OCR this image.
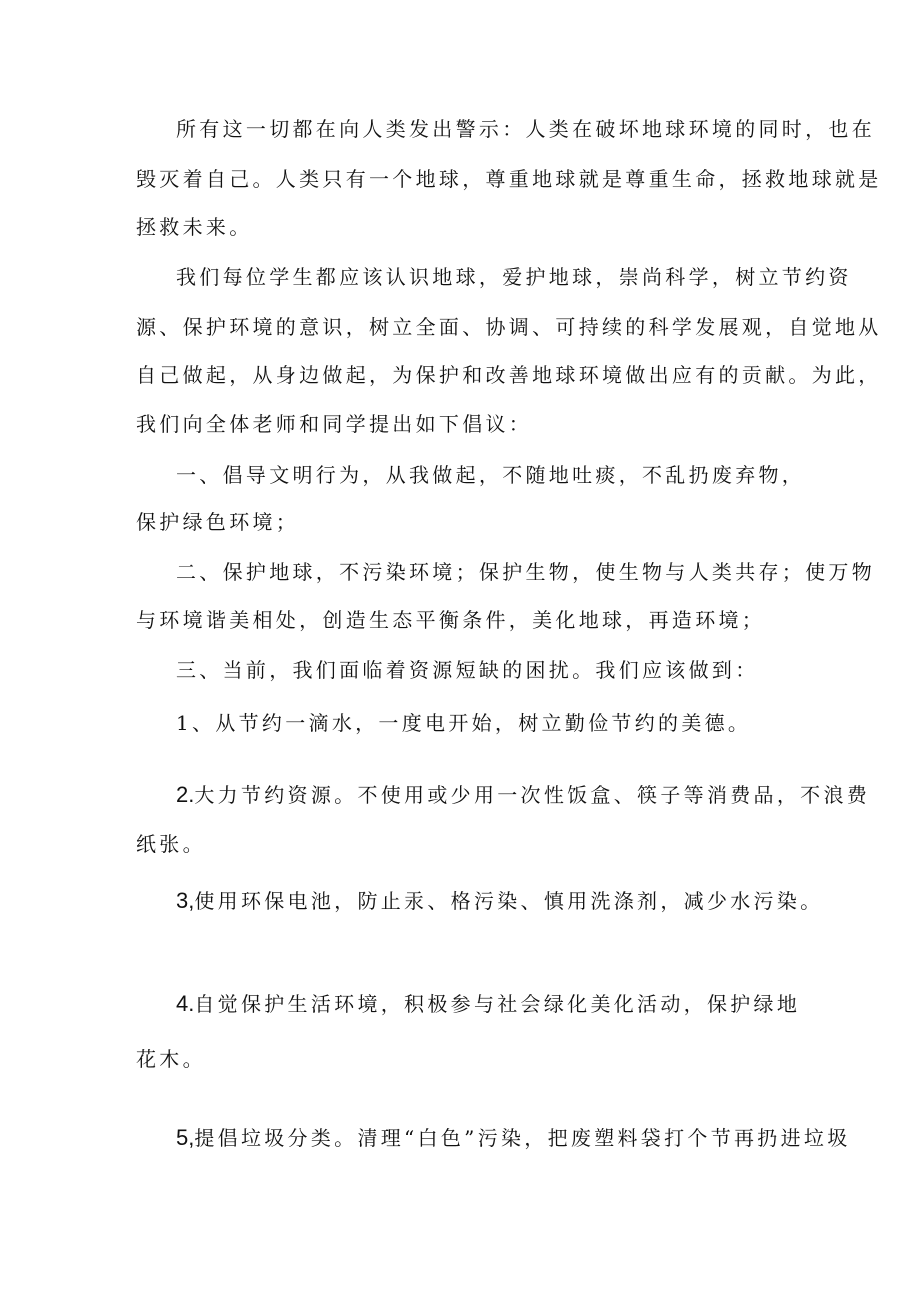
所有这一切都在向人类发出警示：人类在破坏地球环境的同时，也在
毁灭着自己。人类只有一个地球，尊重地球就是尊重生命，拯救地球就是
拯救未来。
我们每位学生都应该认识地球，爱护地球，崇尚科学，树立节约资
源、保护环境的意识，树立全面、协调、可持续的科学发展观，自觉地从
自己做起，从身边做起，为保护和改善地球环境做出应有的贡献。为此，
我们向全体老师和同学提出如下倡议：
一、倡导文明行为，从我做起，不随地吐痰，不乱扔废弃物，
保护绿色环境；
二、保护地球，不污染环境；保护生物，使生物与人类共存；使万物
与环境谐美相处，创造生态平衡条件，美化地球，再造环境；
三、当前，我们面临着资源短缺的困扰。我们应该做到：
1、从节约一滴水，一度电开始，树立勤俭节约的美德。
2.大力节约资源。不使用或少用一次性饭盒、筷子等消费品，不浪费
纸张。
3,使用环保电池，防止汞、格污染、慎用洗涤剂，减少水污染。
4.自觉保护生活环境，积极参与社会绿化美化活动，保护绿地
花木。
5,提倡垃圾分类。清理“白色”污染，把废塑料袋打个节再扔进垃圾
